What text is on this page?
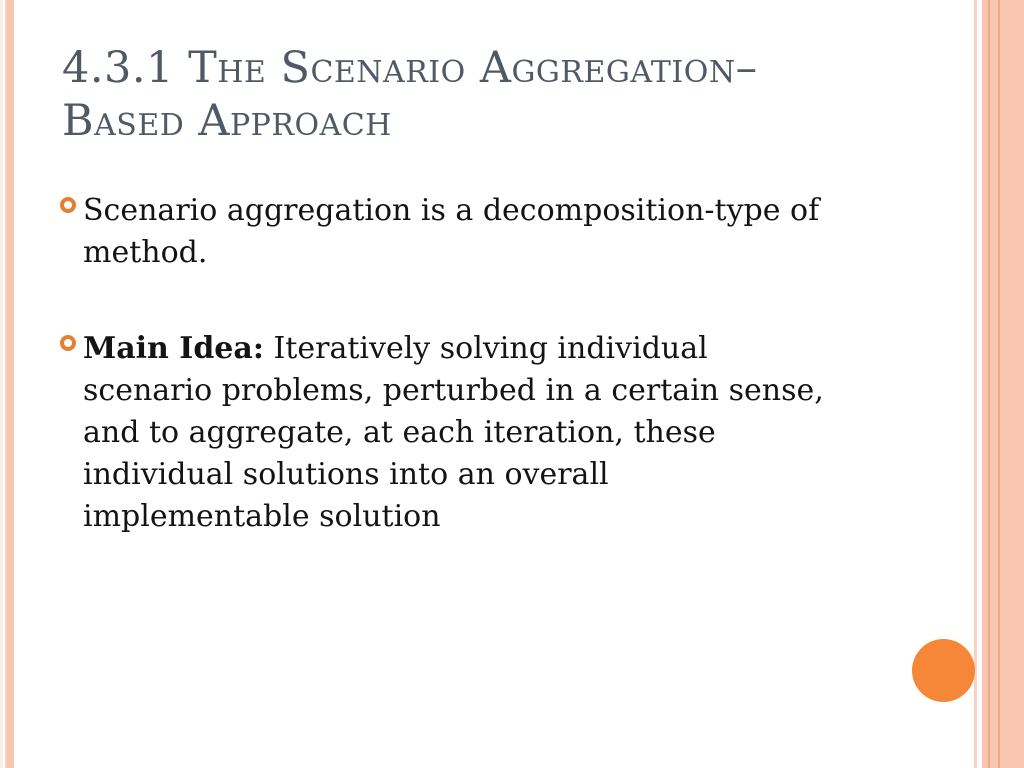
4.3.1 The Scenario Aggregation–
Based Approach
Scenario aggregation is a decomposition-type of
method.
Main Idea: Iteratively solving individual
scenario problems, perturbed in a certain sense,
and to aggregate, at each iteration, these
individual solutions into an overall
implementable solution
